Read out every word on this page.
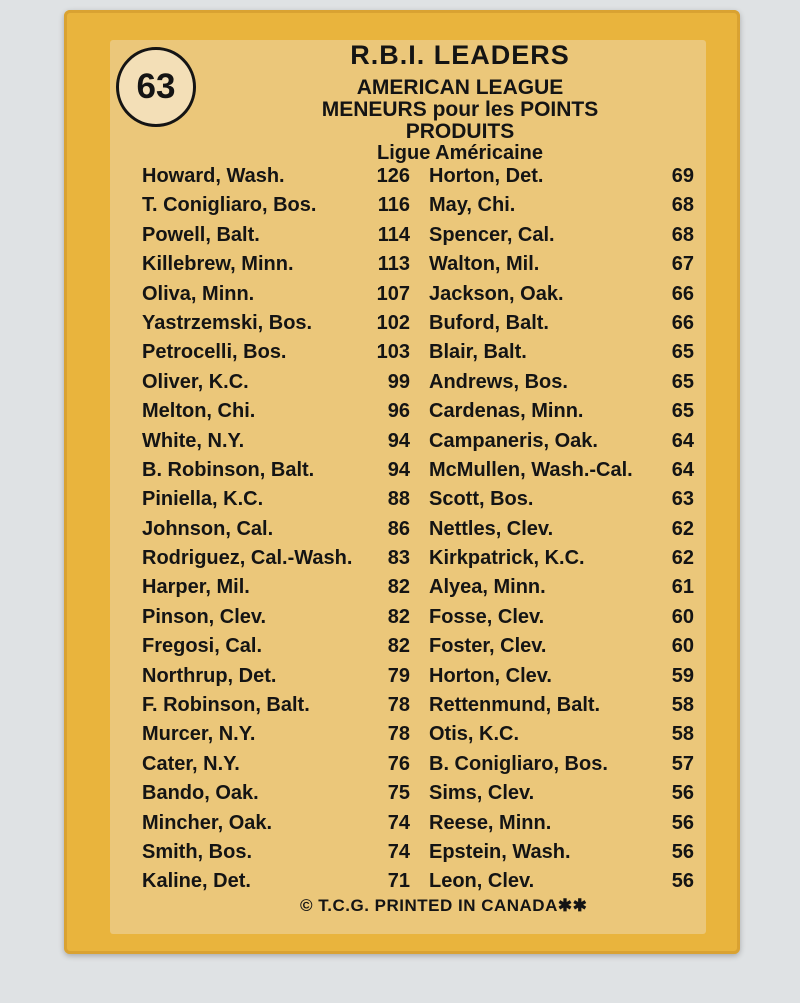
63
R.B.I. LEADERS
AMERICAN LEAGUE
MENEURS pour les POINTS
PRODUITS
Ligue Américaine
Howard, Wash.	126
T. Conigliaro, Bos.	116
Powell, Balt.	114
Killebrew, Minn.	113
Oliva, Minn.	107
Yastrzemski, Bos.	102
Petrocelli, Bos.	103
Oliver, K.C.	99
Melton, Chi.	96
White, N.Y.	94
B. Robinson, Balt.	94
Piniella, K.C.	88
Johnson, Cal.	86
Rodriguez, Cal.-Wash. 83
Harper, Mil.	82
Pinson, Clev.	82
Fregosi, Cal.	82
Northrup, Det.	79
F. Robinson, Balt.	78
Murcer, N.Y.	78
Cater, N.Y.	76
Bando, Oak.	75
Mincher, Oak.	74
Smith, Bos.	74
Kaline, Det.	71
Horton, Det.	69
May, Chi.	68
Spencer, Cal.	68
Walton, Mil.	67
Jackson, Oak.	66
Buford, Balt.	66
Blair, Balt.	65
Andrews, Bos.	65
Cardenas, Minn.	65
Campaneris, Oak.	64
McMullen, Wash.-Cal. 64
Scott, Bos.	63
Nettles, Clev.	62
Kirkpatrick, K.C.	62
Alyea, Minn.	61
Fosse, Clev.	60
Foster, Clev.	60
Horton, Clev.	59
Rettenmund, Balt.	58
Otis, K.C.	58
B. Conigliaro, Bos.	57
Sims, Clev.	56
Reese, Minn.	56
Epstein, Wash.	56
Leon, Clev.	56
© T.C.G. PRINTED IN CANADA✱✱
